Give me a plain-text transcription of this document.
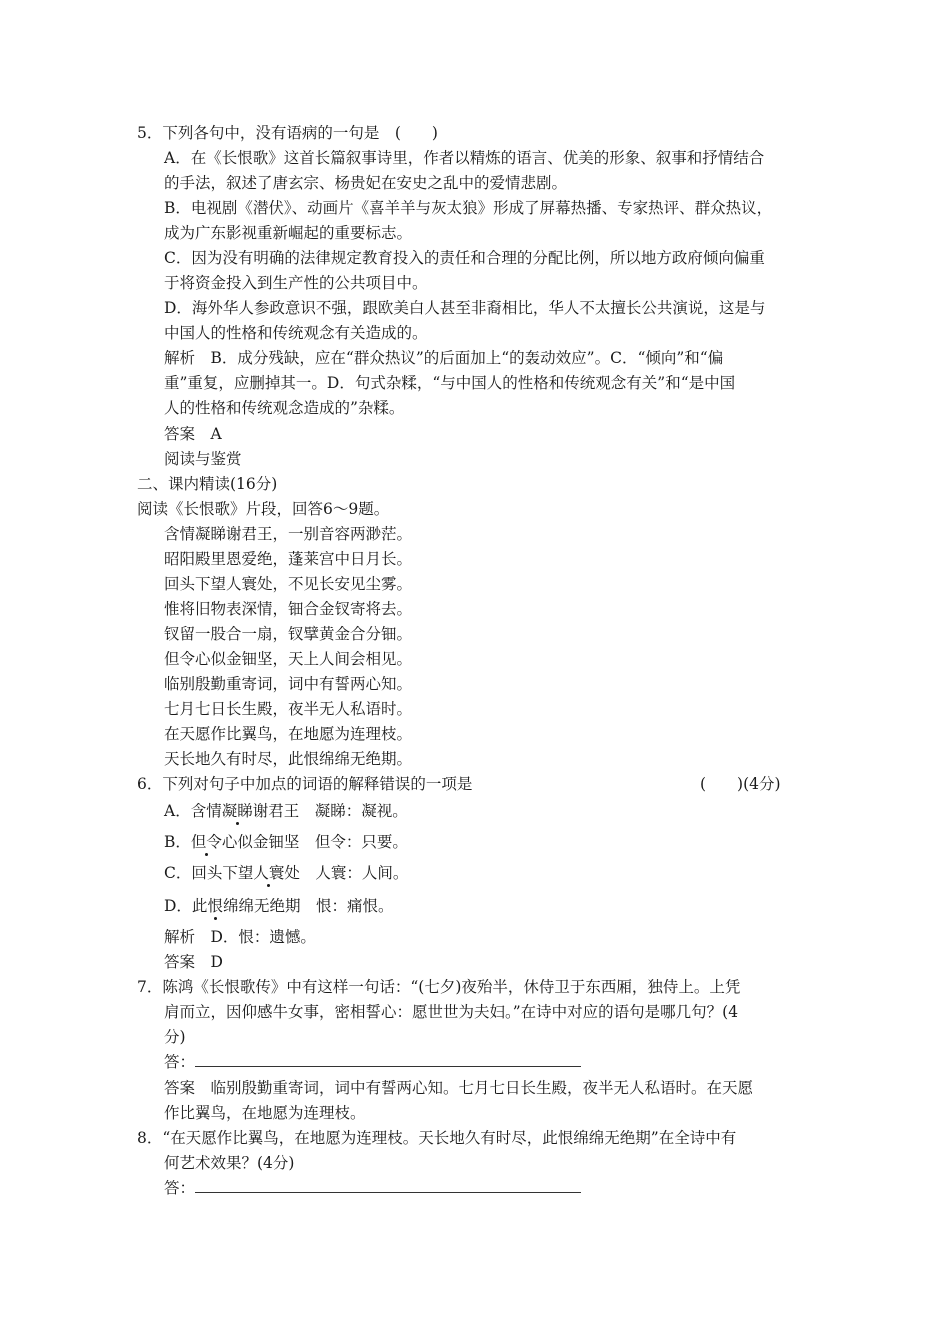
5．下列各句中，没有语病的一句是　(　　)
A．在《长恨歌》这首长篇叙事诗里，作者以精炼的语言、优美的形象、叙事和抒情结合
的手法，叙述了唐玄宗、杨贵妃在安史之乱中的爱情悲剧。
B．电视剧《潜伏》、动画片《喜羊羊与灰太狼》形成了屏幕热播、专家热评、群众热议，
成为广东影视重新崛起的重要标志。
C．因为没有明确的法律规定教育投入的责任和合理的分配比例，所以地方政府倾向偏重
于将资金投入到生产性的公共项目中。
D．海外华人参政意识不强，跟欧美白人甚至非裔相比，华人不太擅长公共演说，这是与
中国人的性格和传统观念有关造成的。
解析　B．成分残缺，应在“群众热议”的后面加上“的轰动效应”。C．“倾向”和“偏
重”重复，应删掉其一。D．句式杂糅，“与中国人的性格和传统观念有关”和“是中国
人的性格和传统观念造成的”杂糅。
答案　A
阅读与鉴赏
二、课内精读(16分)
阅读《长恨歌》片段，回答6～9题。
含情凝睇谢君王，一别音容两渺茫。
昭阳殿里恩爱绝，蓬莱宫中日月长。
回头下望人寰处，不见长安见尘雾。
惟将旧物表深情，钿合金钗寄将去。
钗留一股合一扇，钗擘黄金合分钿。
但令心似金钿坚，天上人间会相见。
临别殷勤重寄词，词中有誓两心知。
七月七日长生殿，夜半无人私语时。
在天愿作比翼鸟，在地愿为连理枝。
天长地久有时尽，此恨绵绵无绝期。
6．下列对句子中加点的词语的解释错误的一项是	(　　)(4分)
A．含情凝睇谢君王　凝睇：凝视。
B．但令心似金钿坚　但令：只要。
C．回头下望人寰处　人寰：人间。
D．此恨绵绵无绝期　恨：痛恨。
解析　D．恨：遗憾。
答案　D
7．陈鸿《长恨歌传》中有这样一句话：“(七夕)夜殆半，休侍卫于东西厢，独侍上。上凭
肩而立，因仰感牛女事，密相誓心：愿世世为夫妇。”在诗中对应的语句是哪几句？(4
分)
答：
答案　临别殷勤重寄词，词中有誓两心知。七月七日长生殿，夜半无人私语时。在天愿
作比翼鸟，在地愿为连理枝。
8．“在天愿作比翼鸟，在地愿为连理枝。天长地久有时尽，此恨绵绵无绝期”在全诗中有
何艺术效果？(4分)
答：
